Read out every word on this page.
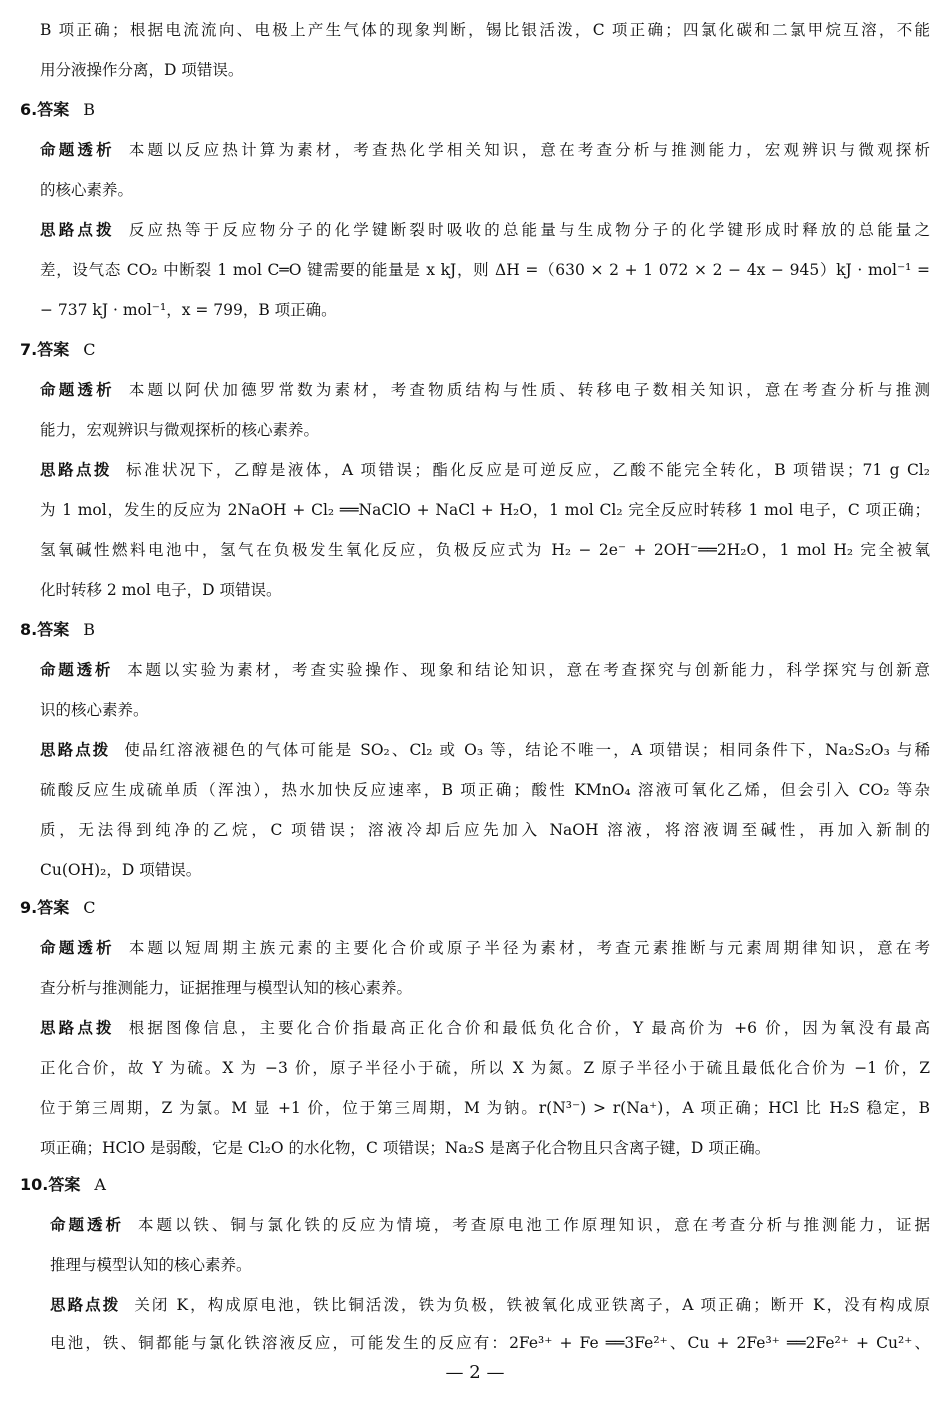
B 项正确；根据电流流向、电极上产生气体的现象判断，锡比银活泼，C 项正确；四氯化碳和二氯甲烷互溶，不能
用分液操作分离，D 项错误。
6.答案 B
命题透析 本题以反应热计算为素材，考查热化学相关知识，意在考查分析与推测能力，宏观辨识与微观探析
的核心素养。
思路点拨 反应热等于反应物分子的化学键断裂时吸收的总能量与生成物分子的化学键形成时释放的总能量之
差，设气态 CO₂ 中断裂 1 mol C═O 键需要的能量是 x kJ，则 ΔH =（630 × 2 + 1 072 × 2 − 4x − 945）kJ · mol⁻¹ =
− 737 kJ · mol⁻¹，x = 799，B 项正确。
7.答案 C
命题透析 本题以阿伏加德罗常数为素材，考查物质结构与性质、转移电子数相关知识，意在考查分析与推测
能力，宏观辨识与微观探析的核心素养。
思路点拨 标准状况下，乙醇是液体，A 项错误；酯化反应是可逆反应，乙酸不能完全转化，B 项错误；71 g Cl₂
为 1 mol，发生的反应为 2NaOH + Cl₂ ══NaClO + NaCl + H₂O，1 mol Cl₂ 完全反应时转移 1 mol 电子，C 项正确；
氢氧碱性燃料电池中，氢气在负极发生氧化反应，负极反应式为 H₂ − 2e⁻ + 2OH⁻══2H₂O，1 mol H₂ 完全被氧
化时转移 2 mol 电子，D 项错误。
8.答案 B
命题透析 本题以实验为素材，考查实验操作、现象和结论知识，意在考查探究与创新能力，科学探究与创新意
识的核心素养。
思路点拨 使品红溶液褪色的气体可能是 SO₂、Cl₂ 或 O₃ 等，结论不唯一，A 项错误；相同条件下，Na₂S₂O₃ 与稀
硫酸反应生成硫单质（浑浊），热水加快反应速率，B 项正确；酸性 KMnO₄ 溶液可氧化乙烯，但会引入 CO₂ 等杂
质，无法得到纯净的乙烷，C 项错误；溶液冷却后应先加入 NaOH 溶液，将溶液调至碱性，再加入新制的
Cu(OH)₂，D 项错误。
9.答案 C
命题透析 本题以短周期主族元素的主要化合价或原子半径为素材，考查元素推断与元素周期律知识，意在考
查分析与推测能力，证据推理与模型认知的核心素养。
思路点拨 根据图像信息，主要化合价指最高正化合价和最低负化合价，Y 最高价为 +6 价，因为氧没有最高
正化合价，故 Y 为硫。X 为 −3 价，原子半径小于硫，所以 X 为氮。Z 原子半径小于硫且最低化合价为 −1 价，Z
位于第三周期，Z 为氯。M 显 +1 价，位于第三周期，M 为钠。r(N³⁻) > r(Na⁺)，A 项正确；HCl 比 H₂S 稳定，B
项正确；HClO 是弱酸，它是 Cl₂O 的水化物，C 项错误；Na₂S 是离子化合物且只含离子键，D 项正确。
10.答案 A
命题透析 本题以铁、铜与氯化铁的反应为情境，考查原电池工作原理知识，意在考查分析与推测能力，证据
推理与模型认知的核心素养。
思路点拨 关闭 K，构成原电池，铁比铜活泼，铁为负极，铁被氧化成亚铁离子，A 项正确；断开 K，没有构成原
电池，铁、铜都能与氯化铁溶液反应，可能发生的反应有：2Fe³⁺ + Fe ══3Fe²⁺、Cu + 2Fe³⁺ ══2Fe²⁺ + Cu²⁺、
— 2 —
